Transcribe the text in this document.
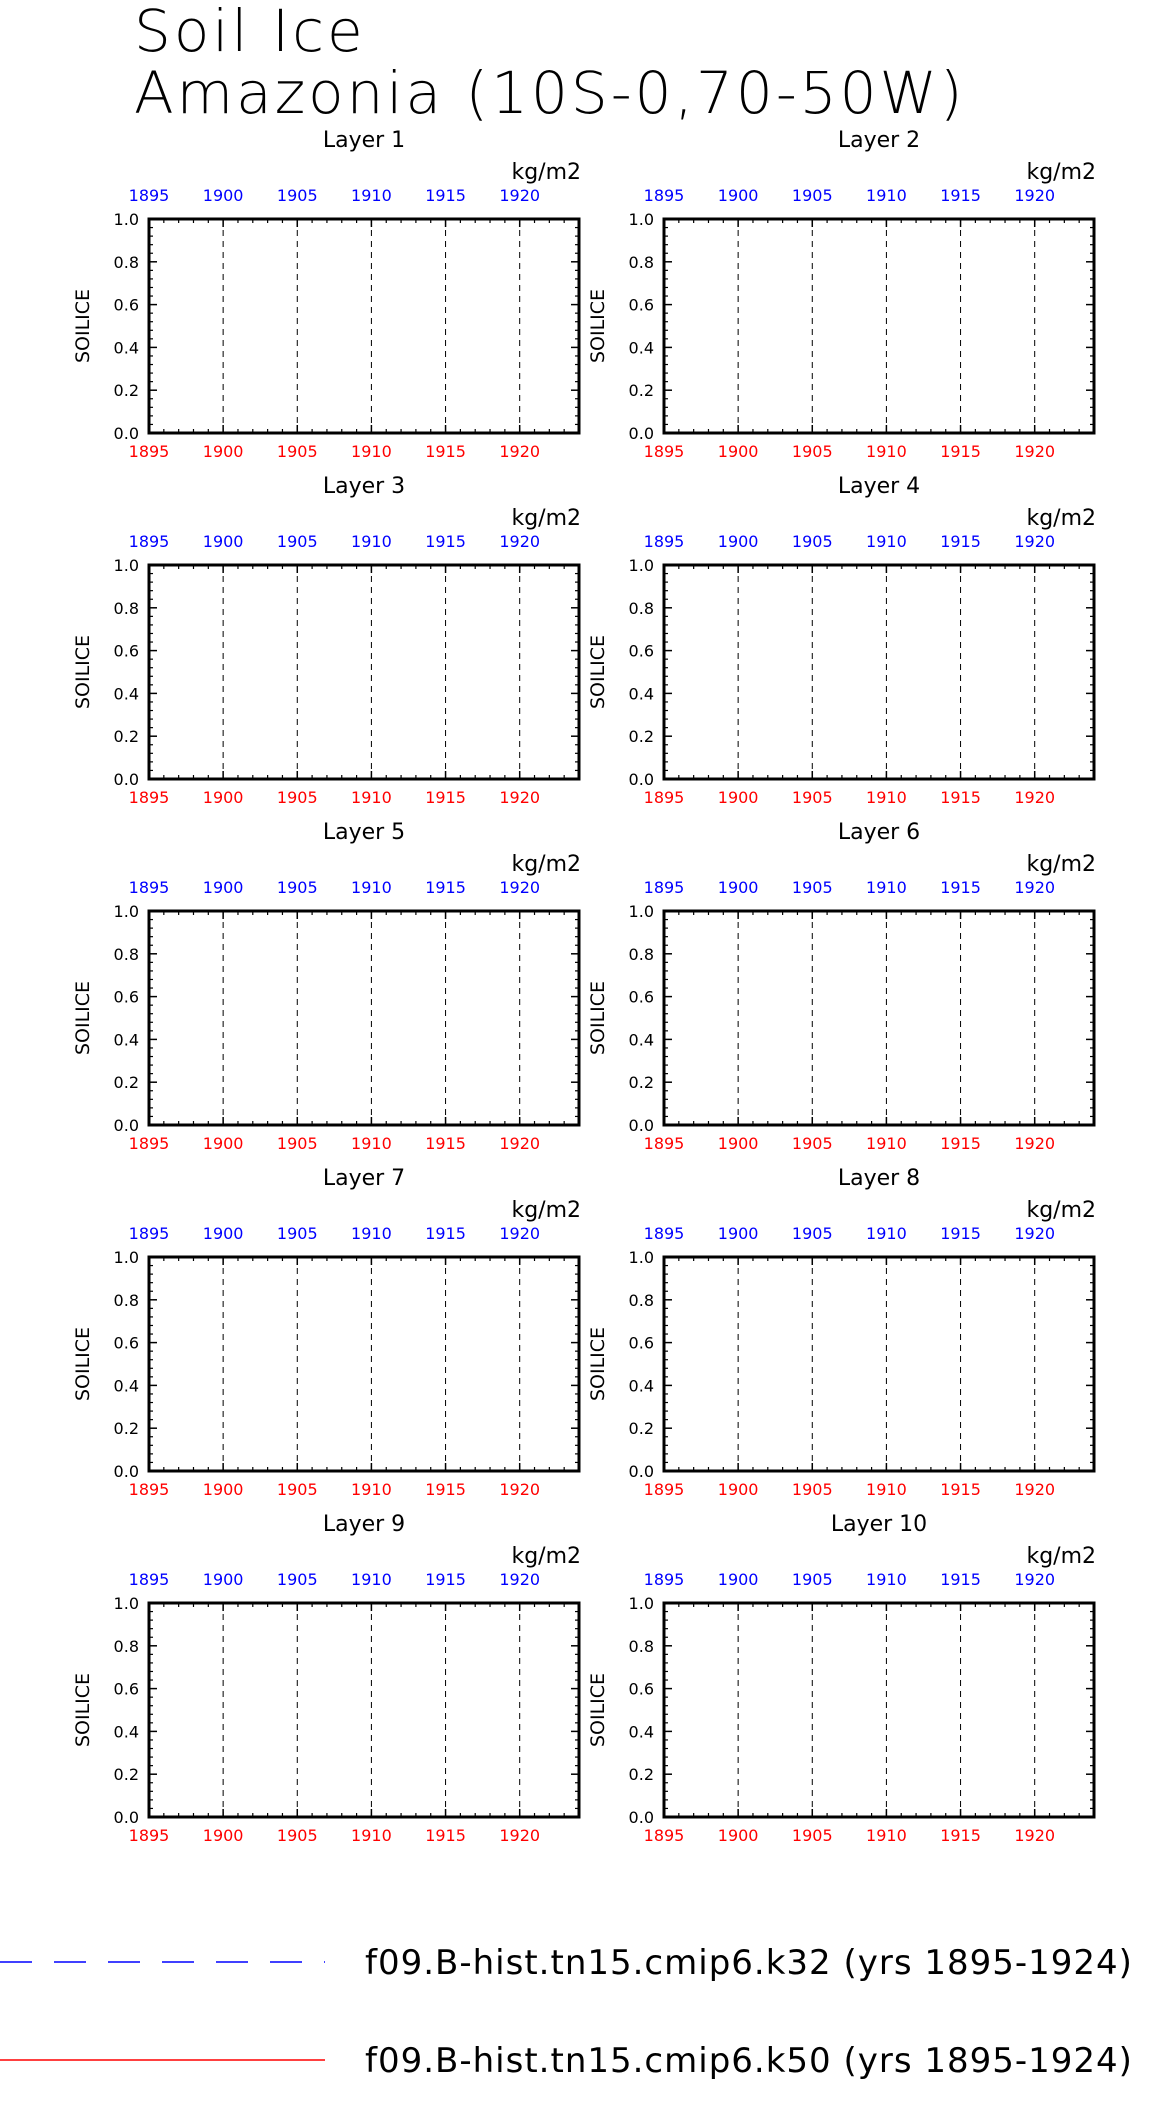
Soil Ice
Amazonia (10S-0,70-50W)
Layer 1
kg/m2
SOILICE
1895
1895
1900
1900
1905
1905
1910
1910
1915
1915
1920
1920
0.0
0.2
0.4
0.6
0.8
1.0
Layer 2
kg/m2
SOILICE
1895
1895
1900
1900
1905
1905
1910
1910
1915
1915
1920
1920
0.0
0.2
0.4
0.6
0.8
1.0
Layer 3
kg/m2
SOILICE
1895
1895
1900
1900
1905
1905
1910
1910
1915
1915
1920
1920
0.0
0.2
0.4
0.6
0.8
1.0
Layer 4
kg/m2
SOILICE
1895
1895
1900
1900
1905
1905
1910
1910
1915
1915
1920
1920
0.0
0.2
0.4
0.6
0.8
1.0
Layer 5
kg/m2
SOILICE
1895
1895
1900
1900
1905
1905
1910
1910
1915
1915
1920
1920
0.0
0.2
0.4
0.6
0.8
1.0
Layer 6
kg/m2
SOILICE
1895
1895
1900
1900
1905
1905
1910
1910
1915
1915
1920
1920
0.0
0.2
0.4
0.6
0.8
1.0
Layer 7
kg/m2
SOILICE
1895
1895
1900
1900
1905
1905
1910
1910
1915
1915
1920
1920
0.0
0.2
0.4
0.6
0.8
1.0
Layer 8
kg/m2
SOILICE
1895
1895
1900
1900
1905
1905
1910
1910
1915
1915
1920
1920
0.0
0.2
0.4
0.6
0.8
1.0
Layer 9
kg/m2
SOILICE
1895
1895
1900
1900
1905
1905
1910
1910
1915
1915
1920
1920
0.0
0.2
0.4
0.6
0.8
1.0
Layer 10
kg/m2
SOILICE
1895
1895
1900
1900
1905
1905
1910
1910
1915
1915
1920
1920
0.0
0.2
0.4
0.6
0.8
1.0
f09.B-hist.tn15.cmip6.k32 (yrs 1895-1924)
f09.B-hist.tn15.cmip6.k50 (yrs 1895-1924)
